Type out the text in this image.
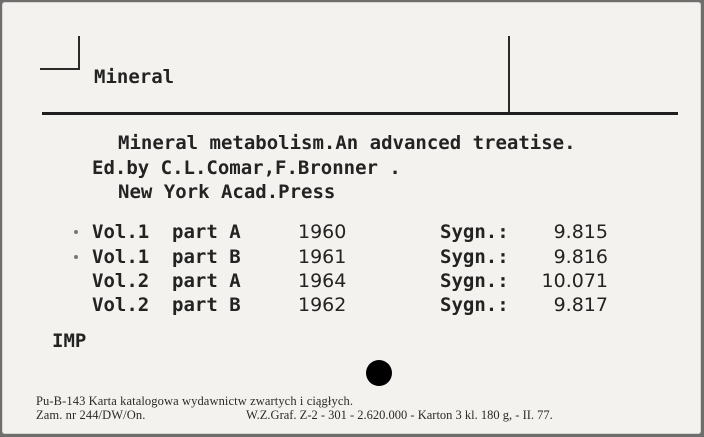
Mineral
Mineral metabolism.An advanced treatise.
Ed.by C.L.Comar,F.Bronner .
New York Acad.Press
Vol.1 part A	1960	Sygn.:	9.815
Vol.1 part B	1961	Sygn.:	9.816
Vol.2 part A	1964	Sygn.:	10.071
Vol.2 part B	1962	Sygn.:	9.817
IMP
Pu-B-143 Karta katalogowa wydawnictw zwartych i ciągłych.
Zam. nr 244/DW/On.	W.Z.Graf. Z-2 - 301 - 2.620.000 - Karton 3 kl. 180 g, - II. 77.
